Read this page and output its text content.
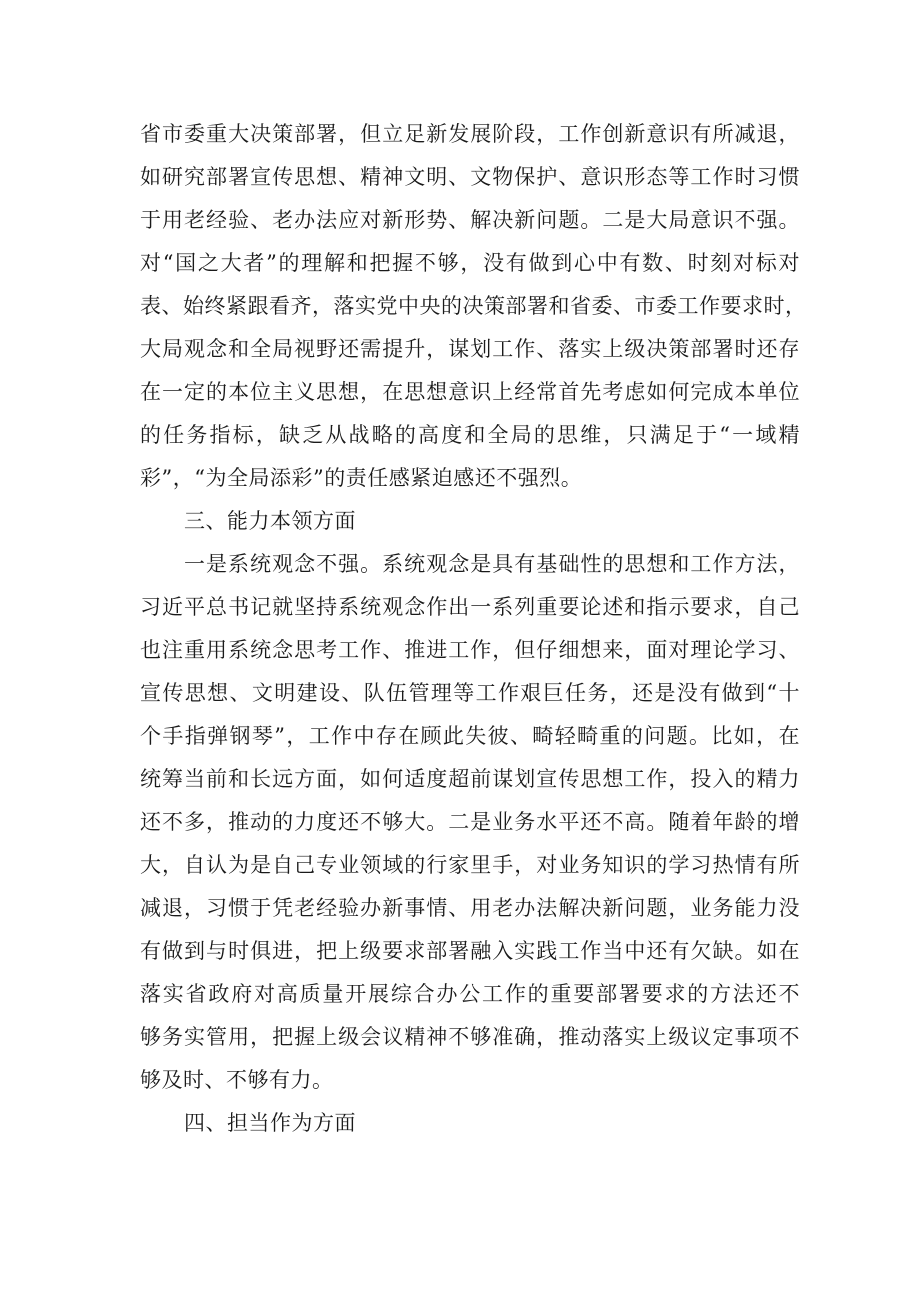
省市委重大决策部署，但立足新发展阶段，工作创新意识有所减退，
如研究部署宣传思想、精神文明、文物保护、意识形态等工作时习惯
于用老经验、老办法应对新形势、解决新问题。二是大局意识不强。
对“国之大者”的理解和把握不够，没有做到心中有数、时刻对标对
表、始终紧跟看齐，落实党中央的决策部署和省委、市委工作要求时，
大局观念和全局视野还需提升，谋划工作、落实上级决策部署时还存
在一定的本位主义思想，在思想意识上经常首先考虑如何完成本单位
的任务指标，缺乏从战略的高度和全局的思维，只满足于“一域精
彩”，“为全局添彩”的责任感紧迫感还不强烈。
三、能力本领方面
一是系统观念不强。系统观念是具有基础性的思想和工作方法，
习近平总书记就坚持系统观念作出一系列重要论述和指示要求，自己
也注重用系统念思考工作、推进工作，但仔细想来，面对理论学习、
宣传思想、文明建设、队伍管理等工作艰巨任务，还是没有做到“十
个手指弹钢琴”，工作中存在顾此失彼、畸轻畸重的问题。比如，在
统筹当前和长远方面，如何适度超前谋划宣传思想工作，投入的精力
还不多，推动的力度还不够大。二是业务水平还不高。随着年龄的增
大，自认为是自己专业领域的行家里手，对业务知识的学习热情有所
减退，习惯于凭老经验办新事情、用老办法解决新问题，业务能力没
有做到与时俱进，把上级要求部署融入实践工作当中还有欠缺。如在
落实省政府对高质量开展综合办公工作的重要部署要求的方法还不
够务实管用，把握上级会议精神不够准确，推动落实上级议定事项不
够及时、不够有力。
四、担当作为方面
